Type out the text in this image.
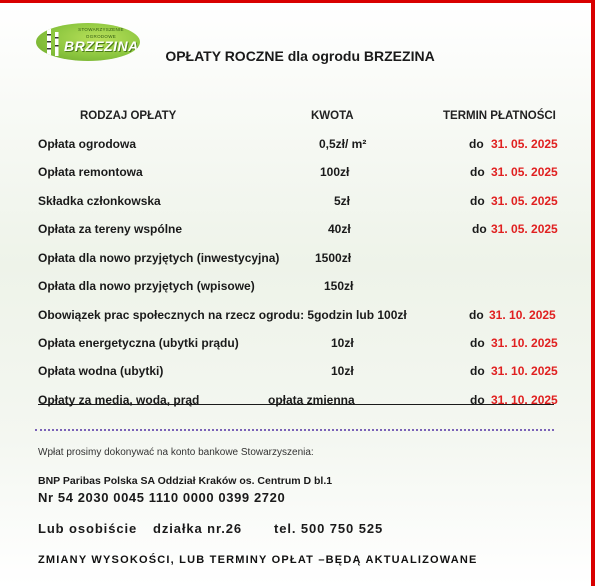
STOWARZYSZENIE
OGRODOWE
BRZEZINA
OPŁATY ROCZNE dla ogrodu BRZEZINA
RODZAJ OPŁATY	KWOTA	TERMIN PŁATNOŚCI
Opłata ogrodowa	0,5zł/ m²	do 31. 05. 2025
Opłata remontowa	100zł	do 31. 05. 2025
Składka członkowska	5zł	do 31. 05. 2025
Opłata za tereny wspólne	40zł	do 31. 05. 2025
Opłata dla nowo przyjętych (inwestycyjna)	1500zł
Opłata dla nowo przyjętych (wpisowe)	150zł
Obowiązek prac społecznych na rzecz ogrodu: 5godzin lub 100zł	do 31. 10. 2025
Opłata energetyczna (ubytki prądu)	10zł	do 31. 10. 2025
Opłata wodna (ubytki)	10zł	do 31. 10. 2025
Opłaty za media, woda, prąd	opłata zmienna	do 31. 10. 2025
Wpłat prosimy dokonywać na konto bankowe Stowarzyszenia:
BNP Paribas Polska SA Oddział Kraków os. Centrum D bl.1
Nr 54 2030 0045 1110 0000 0399 2720
Lub osobiście działka nr.26 tel. 500 750 525
ZMIANY WYSOKOŚCI, LUB TERMINY OPŁAT –BĘDĄ AKTUALIZOWANE
